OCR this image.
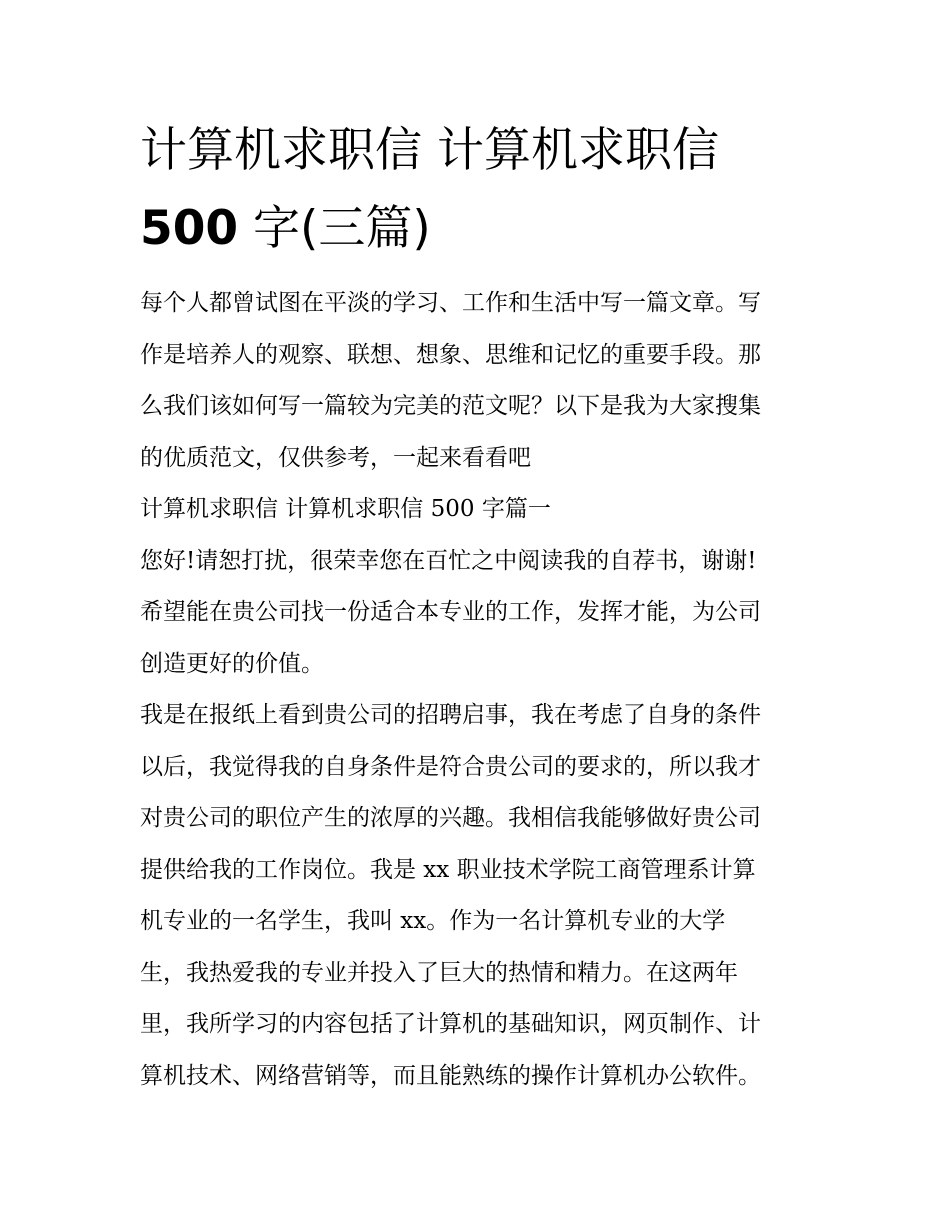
计算机求职信 计算机求职信
500 字(三篇)

每个人都曾试图在平淡的学习、工作和生活中写一篇文章。写
作是培养人的观察、联想、想象、思维和记忆的重要手段。那
么我们该如何写一篇较为完美的范文呢？以下是我为大家搜集
的优质范文，仅供参考，一起来看看吧

计算机求职信 计算机求职信 500 字篇一

您好!请恕打扰，很荣幸您在百忙之中阅读我的自荐书，谢谢!
希望能在贵公司找一份适合本专业的工作，发挥才能，为公司
创造更好的价值。

我是在报纸上看到贵公司的招聘启事，我在考虑了自身的条件
以后，我觉得我的自身条件是符合贵公司的要求的，所以我才
对贵公司的职位产生的浓厚的兴趣。我相信我能够做好贵公司
提供给我的工作岗位。我是 xx 职业技术学院工商管理系计算
机专业的一名学生，我叫 xx。作为一名计算机专业的大学
生，我热爱我的专业并投入了巨大的热情和精力。在这两年
里，我所学习的内容包括了计算机的基础知识，网页制作、计
算机技术、网络营销等，而且能熟练的操作计算机办公软件。
